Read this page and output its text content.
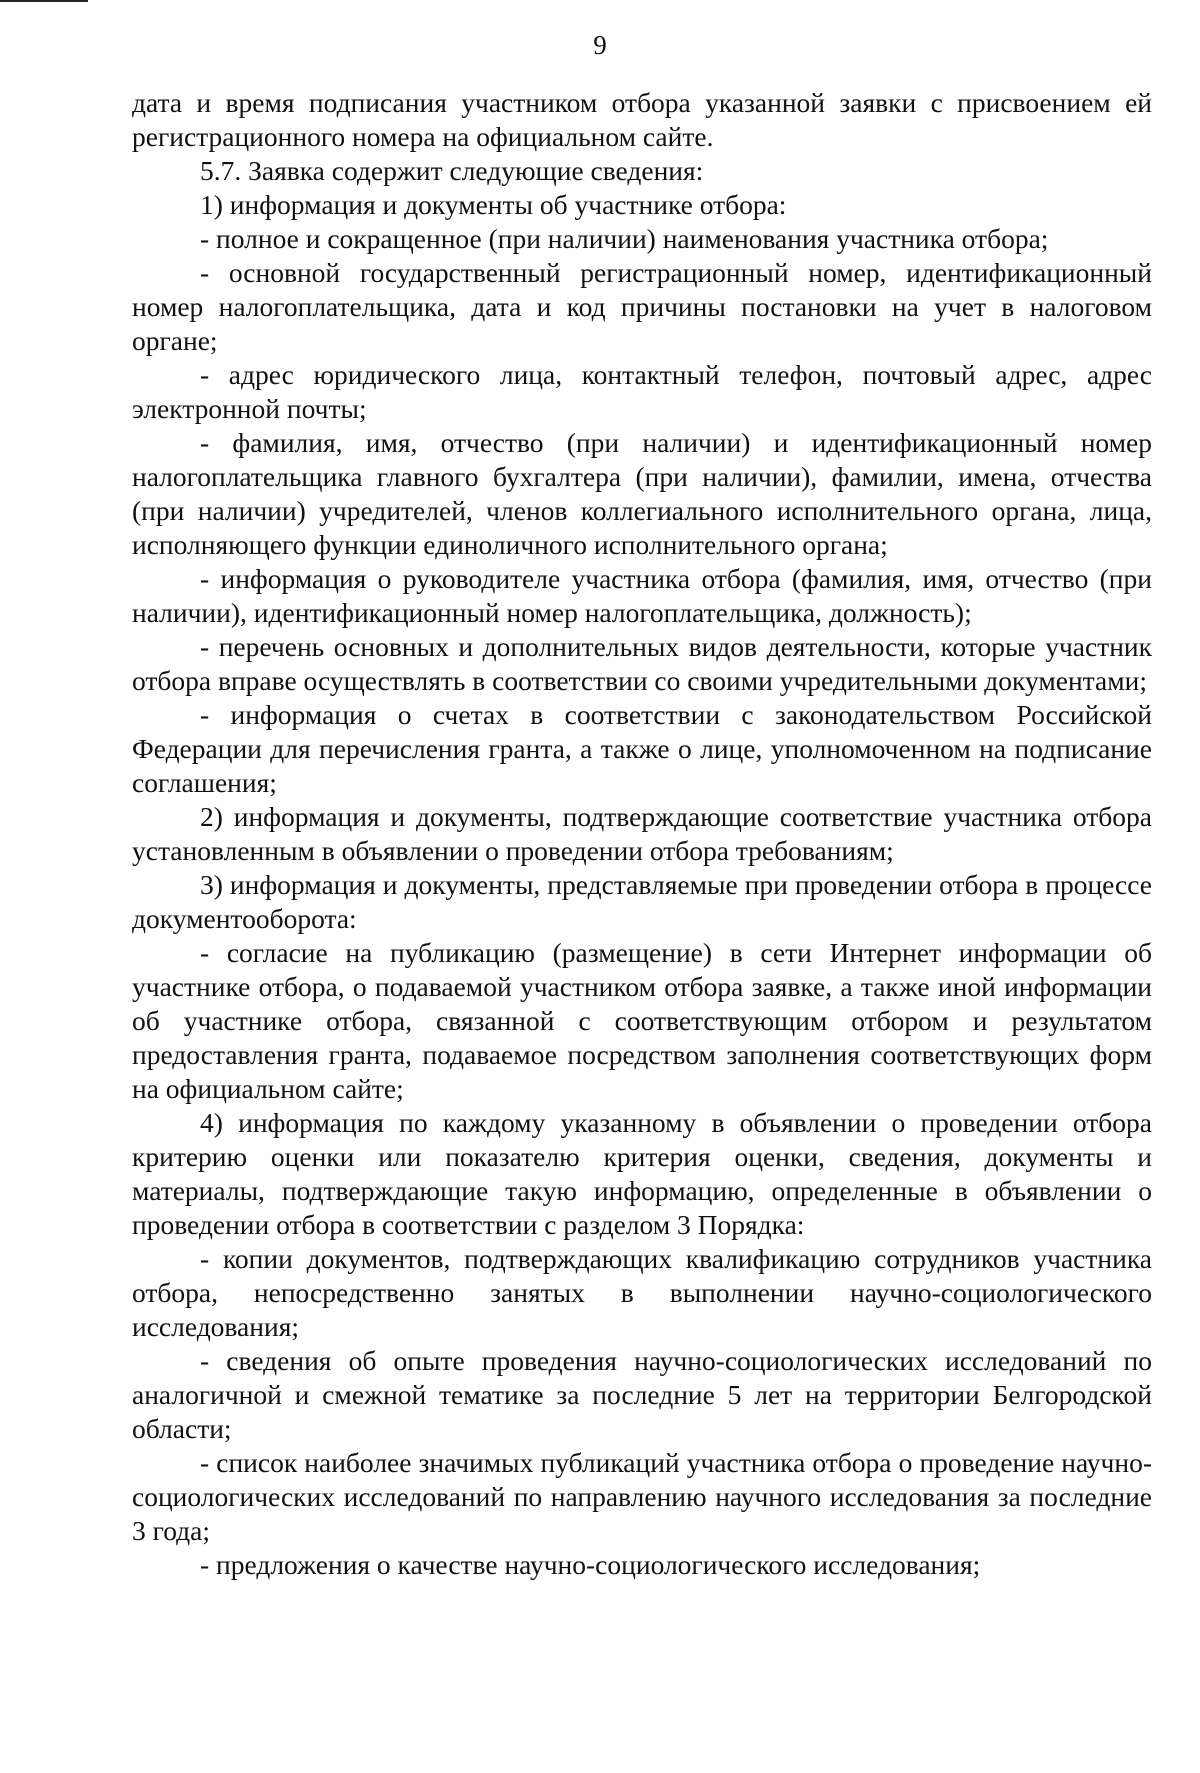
9

дата и время подписания участником отбора указанной заявки с присвоением ей регистрационного номера на официальном сайте.

5.7. Заявка содержит следующие сведения:

1) информация и документы об участнике отбора:

- полное и сокращенное (при наличии) наименования участника отбора;

- основной государственный регистрационный номер, идентификационный номер налогоплательщика, дата и код причины постановки на учет в налоговом органе;

- адрес юридического лица, контактный телефон, почтовый адрес, адрес электронной почты;

- фамилия, имя, отчество (при наличии) и идентификационный номер налогоплательщика главного бухгалтера (при наличии), фамилии, имена, отчества (при наличии) учредителей, членов коллегиального исполнительного органа, лица, исполняющего функции единоличного исполнительного органа;

- информация о руководителе участника отбора (фамилия, имя, отчество (при наличии), идентификационный номер налогоплательщика, должность);

- перечень основных и дополнительных видов деятельности, которые участник отбора вправе осуществлять в соответствии со своими учредительными документами;

- информация о счетах в соответствии с законодательством Российской Федерации для перечисления гранта, а также о лице, уполномоченном на подписание соглашения;

2) информация и документы, подтверждающие соответствие участника отбора установленным в объявлении о проведении отбора требованиям;

3) информация и документы, представляемые при проведении отбора в процессе документооборота:

- согласие на публикацию (размещение) в сети Интернет информации об участнике отбора, о подаваемой участником отбора заявке, а также иной информации об участнике отбора, связанной с соответствующим отбором и результатом предоставления гранта, подаваемое посредством заполнения соответствующих форм на официальном сайте;

4) информация по каждому указанному в объявлении о проведении отбора критерию оценки или показателю критерия оценки, сведения, документы и материалы, подтверждающие такую информацию, определенные в объявлении о проведении отбора в соответствии с разделом 3 Порядка:

- копии документов, подтверждающих квалификацию сотрудников участника отбора, непосредственно занятых в выполнении научно-социологического исследования;

- сведения об опыте проведения научно-социологических исследований по аналогичной и смежной тематике за последние 5 лет на территории Белгородской области;

- список наиболее значимых публикаций участника отбора о проведение научно-социологических исследований по направлению научного исследования за последние 3 года;

- предложения о качестве научно-социологического исследования;
